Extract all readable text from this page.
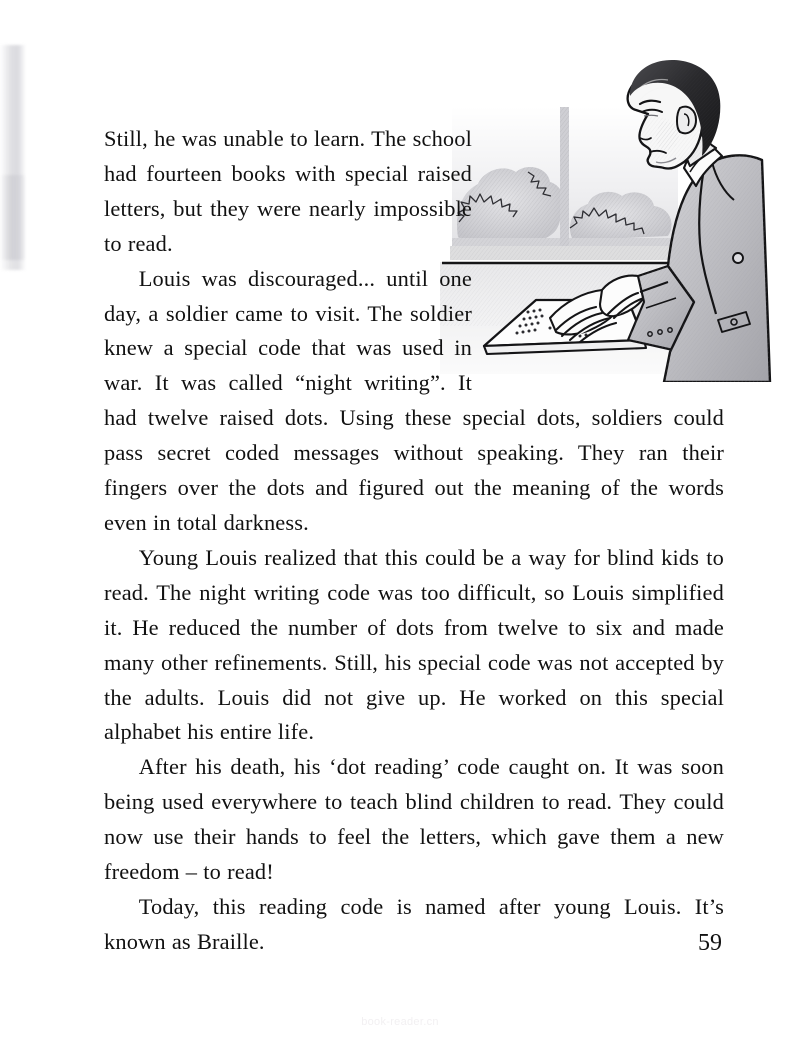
Still, he was unable to learn. The school had fourteen books with special raised letters, but they were nearly impossible to read.

Louis was discouraged... until one day, a soldier came to visit. The soldier knew a special code that was used in war. It was called “night writing”. It had twelve raised dots. Using these special dots, soldiers could pass secret coded messages without speaking. They ran their fingers over the dots and figured out the meaning of the words even in total darkness.

Young Louis realized that this could be a way for blind kids to read. The night writing code was too difficult, so Louis simplified it. He reduced the number of dots from twelve to six and made many other refinements. Still, his special code was not accepted by the adults. Louis did not give up. He worked on this special alphabet his entire life.

After his death, his ‘dot reading’ code caught on. It was soon being used everywhere to teach blind children to read. They could now use their hands to feel the letters, which gave them a new freedom – to read!

Today, this reading code is named after young Louis. It’s known as Braille.	59
book-reader.cn
